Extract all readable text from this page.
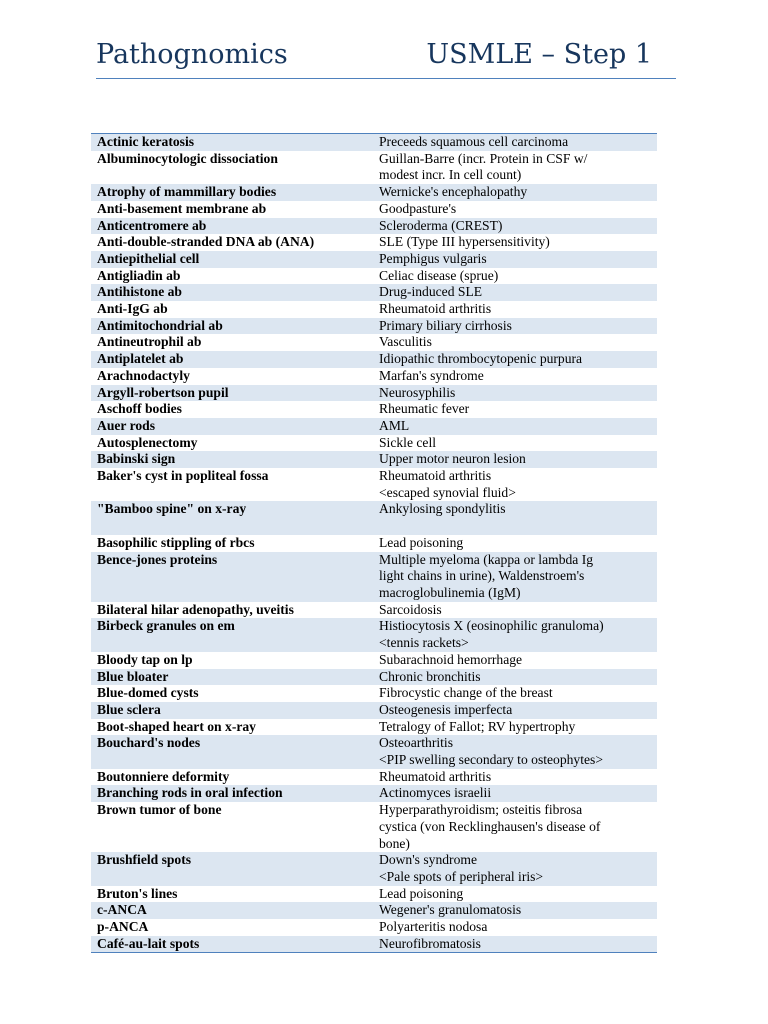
Pathognomics	USMLE – Step 1
Actinic keratosis	Preceeds squamous cell carcinoma
Albuminocytologic dissociation	Guillan-Barre (incr. Protein in CSF w/
modest incr. In cell count)
Atrophy of mammillary bodies	Wernicke's encephalopathy
Anti-basement membrane ab	Goodpasture's
Anticentromere ab	Scleroderma (CREST)
Anti-double-stranded DNA ab (ANA)	SLE (Type III hypersensitivity)
Antiepithelial cell	Pemphigus vulgaris
Antigliadin ab	Celiac disease (sprue)
Antihistone ab	Drug-induced SLE
Anti-IgG ab	Rheumatoid arthritis
Antimitochondrial ab	Primary biliary cirrhosis
Antineutrophil ab	Vasculitis
Antiplatelet ab	Idiopathic thrombocytopenic purpura
Arachnodactyly	Marfan's syndrome
Argyll-robertson pupil	Neurosyphilis
Aschoff bodies	Rheumatic fever
Auer rods	AML
Autosplenectomy	Sickle cell
Babinski sign	Upper motor neuron lesion
Baker's cyst in popliteal fossa	Rheumatoid arthritis
<escaped synovial fluid>
"Bamboo spine" on x-ray	Ankylosing spondylitis

Basophilic stippling of rbcs	Lead poisoning
Bence-jones proteins	Multiple myeloma (kappa or lambda Ig
light chains in urine), Waldenstroem's
macroglobulinemia (IgM)
Bilateral hilar adenopathy, uveitis	Sarcoidosis
Birbeck granules on em	Histiocytosis X (eosinophilic granuloma)
<tennis rackets>
Bloody tap on lp	Subarachnoid hemorrhage
Blue bloater	Chronic bronchitis
Blue-domed cysts	Fibrocystic change of the breast
Blue sclera	Osteogenesis imperfecta
Boot-shaped heart on x-ray	Tetralogy of Fallot; RV hypertrophy
Bouchard's nodes	Osteoarthritis
<PIP swelling secondary to osteophytes>
Boutonniere deformity	Rheumatoid arthritis
Branching rods in oral infection	Actinomyces israelii
Brown tumor of bone	Hyperparathyroidism; osteitis fibrosa
cystica (von Recklinghausen's disease of
bone)
Brushfield spots	Down's syndrome
<Pale spots of peripheral iris>
Bruton's lines	Lead poisoning
c-ANCA	Wegener's granulomatosis
p-ANCA	Polyarteritis nodosa
Café-au-lait spots	Neurofibromatosis
